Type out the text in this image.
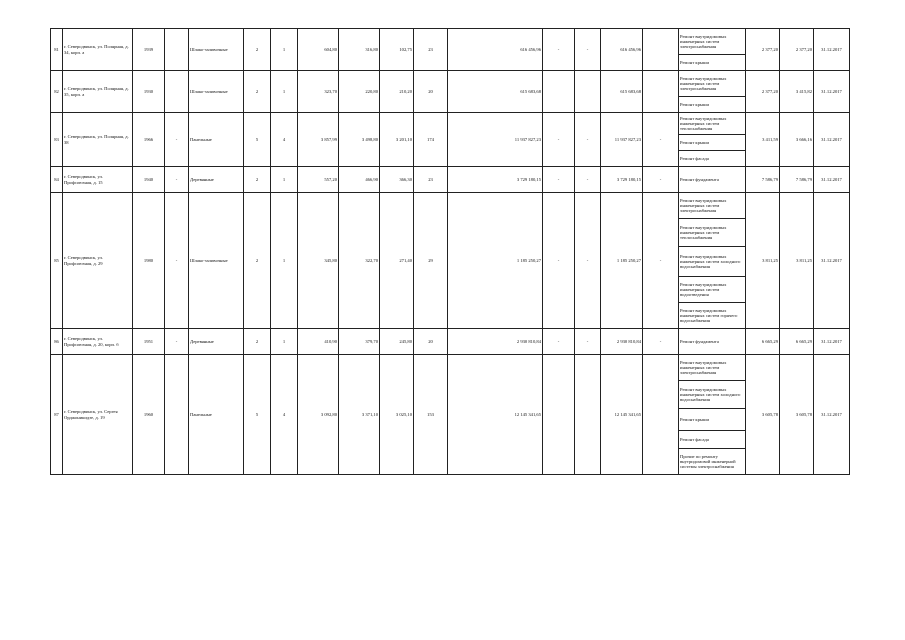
81	г. Северодвинск, ул. Полярная, д. 34, корп. а	1939		Шлако-заливочные	2	1	604,80	316,80	102,75	23	616 456,96	-	-	616 456,96		Ремонт внутридомовых инженерных систем электроснабжения	2 377,20	2 377,20	31.12.2017
																Ремонт крыши			
82	г. Северодвинск, ул. Полярная, д. 35, корп. а	1930		Шлако-заливочные	2	1	323,70	220,80	210,20	20	615 683,68			615 683,68		Ремонт внутридомовых инженерных систем электроснабжения	2 377,20	3 415,82	31.12.2017
																Ремонт крыши			
83	г. Северодвинск, ул. Полярная, д. 38	1966	-	Панельные	5	4	3 857,99	3 498,80	3 201,10	174	11 937 827,23	-	-	11 937 827,23	-	Ремонт внутридомовых инженерных систем теплоснабжения	3 411,59	3 666,16	31.12.2017
																Ремонт крыши			
																Ремонт фасада			
84	г. Северодвинск, ул. Профсоюзная, д. 15	1940	-	Деревянные	2	1	557,20	466,90	366,30	23	3 729 180,15	-	-	3 729 180,15	-	Ремонт фундамента	7 586,79	7 586,79	31.12.2017
85	г. Северодвинск, ул. Профсоюзная, д. 29	1980	-	Шлако-заливочные	2	1	345,80	322,70	271,40	29	1 185 250,27	-	-	1 185 250,27	-	Ремонт внутридомовых инженерных систем электроснабжения	3 811,25	3 811,25	31.12.2017
																Ремонт внутридомовых инженерных систем теплоснабжения			
																Ремонт внутридомовых инженерных систем холодного водоснабжения			
																Ремонт внутридомовых инженерных систем водоотведения			
																Ремонт внутридомовых инженерных систем горячего водоснабжения			
86	г. Северодвинск, ул. Профсоюзная, д. 20, корп. б	1951	-	Деревянные	2	1	410,90	379,70	245,80	20	2 930 810,84	-	-	2 930 810,84	-	Ремонт фундамента	6 665,29	6 665,29	31.12.2017
87	г. Северодвинск, ул. Сергея Орджоникидзе, д. 19	1960		Панельные	5	4	3 092,80	3 371,10	3 025,10	153	12 145 341,65			12 145 341,65		Ремонт внутридомовых инженерных систем электроснабжения	3 605,78	3 605,78	31.12.2017
																Ремонт внутридомовых инженерных систем холодного водоснабжения			
																Ремонт крыши			
																Ремонт фасада			
																Прочие по ремонту внутридомовой инженерной системы электроснабжения			
